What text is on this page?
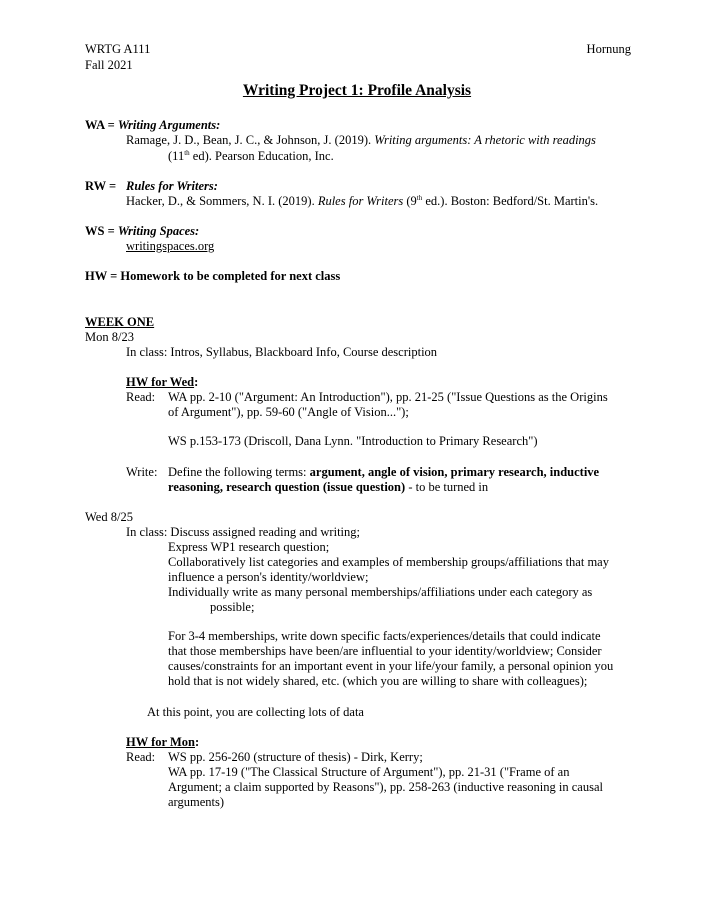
WRTG A111	Hornung
Fall 2021
Writing Project 1: Profile Analysis
WA = Writing Arguments:
Ramage, J. D., Bean, J. C., & Johnson, J. (2019). Writing arguments: A rhetoric with readings
(11th ed). Pearson Education, Inc.
RW =Rules for Writers:
Hacker, D., & Sommers, N. I. (2019). Rules for Writers (9th ed.). Boston: Bedford/St. Martin's.
WS = Writing Spaces:
writingspaces.org
HW = Homework to be completed for next class
WEEK ONE
Mon 8/23
In class: Intros, Syllabus, Blackboard Info, Course description
HW for Wed:
Read: WA pp. 2-10 ("Argument: An Introduction"), pp. 21-25 ("Issue Questions as the Origins
of Argument"), pp. 59-60 ("Angle of Vision...");
WS p.153-173 (Driscoll, Dana Lynn. "Introduction to Primary Research")
Write: Define the following terms: argument, angle of vision, primary research, inductive
reasoning, research question (issue question) - to be turned in
Wed 8/25
In class: Discuss assigned reading and writing;
Express WP1 research question;
Collaboratively list categories and examples of membership groups/affiliations that may
influence a person's identity/worldview;
Individually write as many personal memberships/affiliations under each category as
possible;
For 3-4 memberships, write down specific facts/experiences/details that could indicate
that those memberships have been/are influential to your identity/worldview; Consider
causes/constraints for an important event in your life/your family, a personal opinion you
hold that is not widely shared, etc. (which you are willing to share with colleagues);
At this point, you are collecting lots of data
HW for Mon:
Read: WS pp. 256-260 (structure of thesis) - Dirk, Kerry;
WA pp. 17-19 ("The Classical Structure of Argument"), pp. 21-31 ("Frame of an
Argument; a claim supported by Reasons"), pp. 258-263 (inductive reasoning in causal
arguments)
